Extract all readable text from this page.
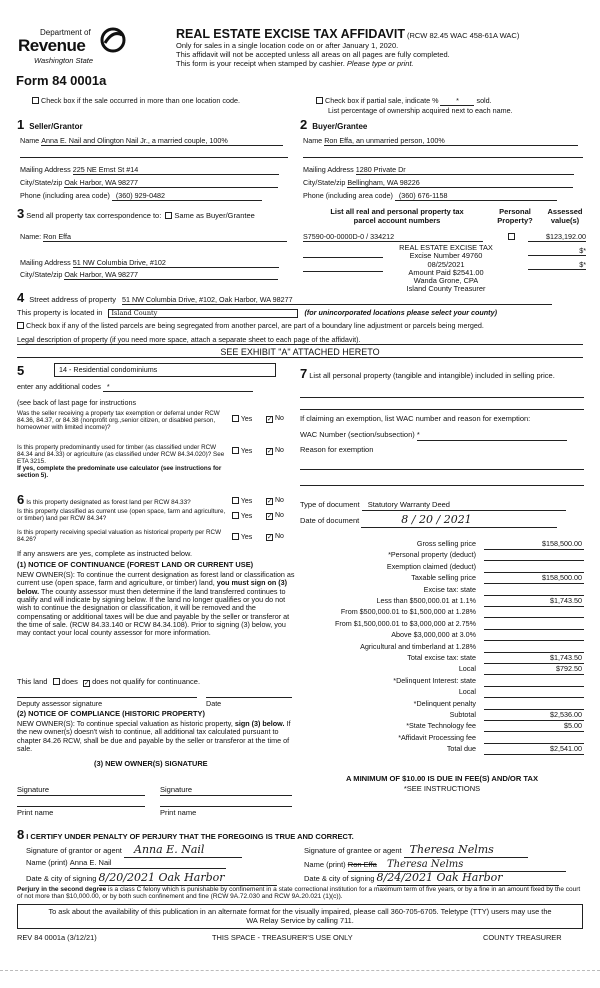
Department of
Revenue
Washington State
Form 84 0001a
REAL ESTATE EXCISE TAX AFFIDAVIT (RCW 82.45 WAC 458-61A WAC)
Only for sales in a single location code on or after January 1, 2020.
This affidavit will not be accepted unless all areas on all pages are fully completed.
This form is your receipt when stamped by cashier. Please type or print.
Check box if the sale occurred in more than one location code.	Check box if partial sale, indicate % * sold.
List percentage of ownership acquired next to each name.
1 Seller/Grantor
Name Anna E. Nail and Olington Nail Jr., a married couple, 100%
Mailing Address 225 NE Ernst St #14
City/State/zip Oak Harbor, WA 98277
Phone (including area code) (360) 929-0482
2 Buyer/Grantee
Name Ron Effa, an unmarried person, 100%
Mailing Address 1280 Private Dr
City/State/zip Bellingham, WA 98226
Phone (including area code) (360) 676-1158
3 Send all property tax correspondence to: Same as Buyer/Grantee
Name: Ron Effa
Mailing Address 51 NW Columbia Drive, #102
City/State/zip Oak Harbor, WA 98277
List all real and personal property tax
parcel account numbers
Personal
Property?
Assessed
value(s)
S7590-00-0000D-0 / 334212	$123,192.00
$*
$*
REAL ESTATE EXCISE TAX
Excise Number 49760
08/25/2021
Amount Paid $2541.00
Wanda Grone, CPA
Island County Treasurer
4 Street address of property 51 NW Columbia Drive, #102, Oak Harbor, WA 98277
This property is located in Island County	(for unincorporated locations please select your county)
Check box if any of the listed parcels are being segregated from another parcel, are part of a boundary line adjustment or parcels being merged.
Legal description of property (if you need more space, attach a separate sheet to each page of the affidavit).
SEE EXHIBIT "A" ATTACHED HERETO
5	14 - Residential condominiums
enter any additional codes *
(see back of last page for instructions
Was the seller receiving a property tax exemption or deferral under RCW 84.36, 84.37, or 84.38 (nonprofit org.,senior citizen, or disabled person, homeowner with limited income)?
Yes ✓ No
Is this property predominantly used for timber (as classified under RCW 84.34 and 84.33) or agriculture (as classified under RCW 84.34.020)? See ETA 3215.
If yes, complete the predominate use calculator (see instructions for section 5).
Yes ✓ No
6 Is this property designated as forest land per RCW 84.33?	Yes ✓ No
Is this property classified as current use (open space, farm and agriculture, or timber) land per RCW 84.34?	Yes ✓ No
Is this property receiving special valuation as historical property per RCW 84.26?	Yes ✓ No
If any answers are yes, complete as instructed below.
(1) NOTICE OF CONTINUANCE (FOREST LAND OR CURRENT USE)
NEW OWNER(S): To continue the current designation as forest land or classification as current use (open space, farm and agriculture, or timber) land, you must sign on (3) below. The county assessor must then determine if the land transferred continues to qualify and will indicate by signing below. If the land no longer qualifies or you do not wish to continue the designation or classification, it will be removed and the compensating or additional taxes will be due and payable by the seller or transferor at the time of sale. (RCW 84.33.140 or RCW 84.34.108). Prior to signing (3) below, you may contact your local county assessor for more information.
This land does ✓ does not qualify for continuance.
Deputy assessor signature	Date
(2) NOTICE OF COMPLIANCE (HISTORIC PROPERTY)
NEW OWNER(S): To continue special valuation as historic property, sign (3) below. If the new owner(s) doesn't wish to continue, all additional tax calculated pursuant to chapter 84.26 RCW, shall be due and payable by the seller or transferor at the time of sale.
(3) NEW OWNER(S) SIGNATURE
Signature	Signature
Print name	Print name
7 List all personal property (tangible and intangible) included in selling price.
If claiming an exemption, list WAC number and reason for exemption:
WAC Number (section/subsection) *
Reason for exemption
Type of document Statutory Warranty Deed
Date of document	8 / 20 / 2021
Gross selling price	$158,500.00
*Personal property (deduct)
Exemption claimed (deduct)
Taxable selling price	$158,500.00
Excise tax: state
Less than $500,000.01 at 1.1%	$1,743.50
From $500,000.01 to $1,500,000 at 1.28%
From $1,500,000.01 to $3,000,000 at 2.75%
Above $3,000,000 at 3.0%
Agricultural and timberland at 1.28%
Total excise tax: state	$1,743.50
Local	$792.50
*Delinquent Interest: state
Local
*Delinquent penalty
Subtotal	$2,536.00
*State Technology fee	$5.00
*Affidavit Processing fee
Total due	$2,541.00
A MINIMUM OF $10.00 IS DUE IN FEE(S) AND/OR TAX
*SEE INSTRUCTIONS
8 I CERTIFY UNDER PENALTY OF PERJURY THAT THE FOREGOING IS TRUE AND CORRECT.
Signature of grantor or agent Anna E. Nail
Name (print) Anna E. Nail
Date & city of signing 8/20/2021 Oak Harbor
Signature of grantee or agent Theresa Nelms
Name (print) Ron Effa Theresa Nelms
Date & city of signing 8/24/2021 Oak Harbor
Perjury in the second degree is a class C felony which is punishable by confinement in a state correctional institution for a maximum term of five years, or by a fine in an amount fixed by the court of not more than $10,000.00, or by both such confinement and fine (RCW 9A.72.030 and RCW 9A.20.021 (1)(c)).
To ask about the availability of this publication in an alternate format for the visually impaired, please call 360-705-6705. Teletype (TTY) users may use the WA Relay Service by calling 711.
REV 84 0001a (3/12/21)	THIS SPACE - TREASURER'S USE ONLY	COUNTY TREASURER
